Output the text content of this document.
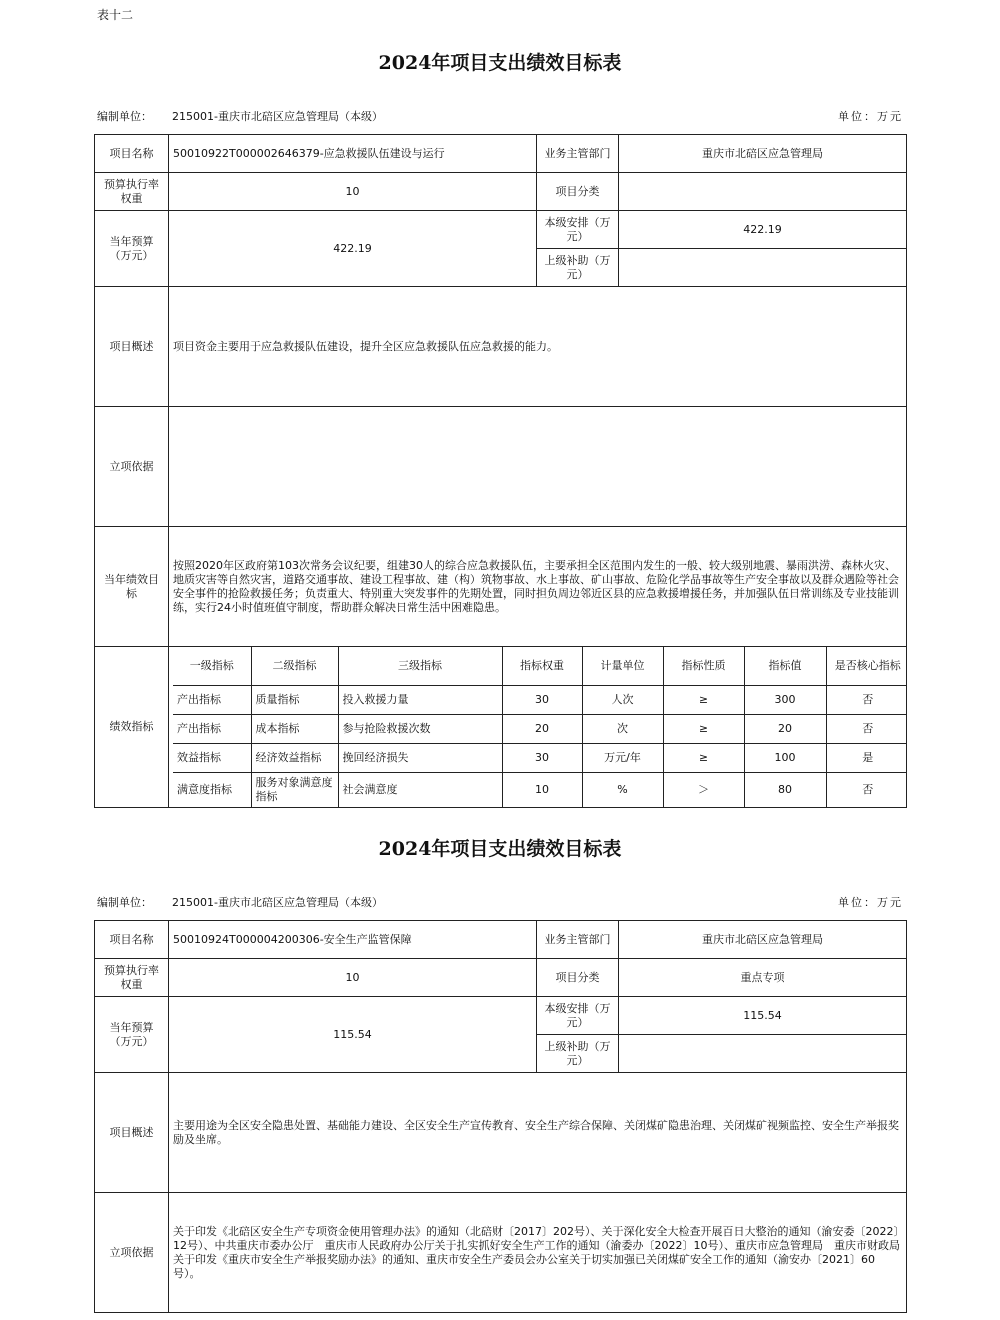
表十二
2024年项目支出绩效目标表
编制单位： 215001-重庆市北碚区应急管理局（本级）	单位：万元
项目名称	50010922T000002646379-应急救援队伍建设与运行	业务主管部门	重庆市北碚区应急管理局
预算执行率权重	10	项目分类	
当年预算（万元）	422.19	本级安排（万元）	422.19
上级补助（万元）	
项目概述	项目资金主要用于应急救援队伍建设，提升全区应急救援队伍应急救援的能力。
立项依据	
当年绩效目标	按照2020年区政府第103次常务会议纪要，组建30人的综合应急救援队伍，主要承担全区范围内发生的一般、较大级别地震、暴雨洪涝、森林火灾、地质灾害等自然灾害，道路交通事故、建设工程事故、建（构）筑物事故、水上事故、矿山事故、危险化学品事故等生产安全事故以及群众遇险等社会安全事件的抢险救援任务；负责重大、特别重大突发事件的先期处置，同时担负周边邻近区县的应急救援增援任务，并加强队伍日常训练及专业技能训练，实行24小时值班值守制度，帮助群众解决日常生活中困难隐患。
绩效指标	
一级指标	二级指标	三级指标	指标权重	计量单位	指标性质	指标值	是否核心指标
产出指标	质量指标	投入救援力量	30	人次	≥	300	否
产出指标	成本指标	参与抢险救援次数	20	次	≥	20	否
效益指标	经济效益指标	挽回经济损失	30	万元/年	≥	100	是
满意度指标	服务对象满意度指标	社会满意度	10	%	＞	80	否
2024年项目支出绩效目标表
编制单位： 215001-重庆市北碚区应急管理局（本级）	单位：万元
项目名称	50010924T000004200306-安全生产监管保障	业务主管部门	重庆市北碚区应急管理局
预算执行率权重	10	项目分类	重点专项
当年预算（万元）	115.54	本级安排（万元）	115.54
		上级补助（万元）	
项目概述	主要用途为全区安全隐患处置、基础能力建设、全区安全生产宣传教育、安全生产综合保障、关闭煤矿隐患治理、关闭煤矿视频监控、安全生产举报奖励及坐席。		
立项依据	关于印发《北碚区安全生产专项资金使用管理办法》的通知（北碚财〔2017〕202号）、关于深化安全大检查开展百日大整治的通知（渝安委〔2022〕12号）、中共重庆市委办公厅　重庆市人民政府办公厅关于扎实抓好安全生产工作的通知（渝委办〔2022〕10号）、重庆市应急管理局　重庆市财政局关于印发《重庆市安全生产举报奖励办法》的通知、重庆市安全生产委员会办公室关于切实加强已关闭煤矿安全工作的通知（渝安办〔2021〕60号）。		
